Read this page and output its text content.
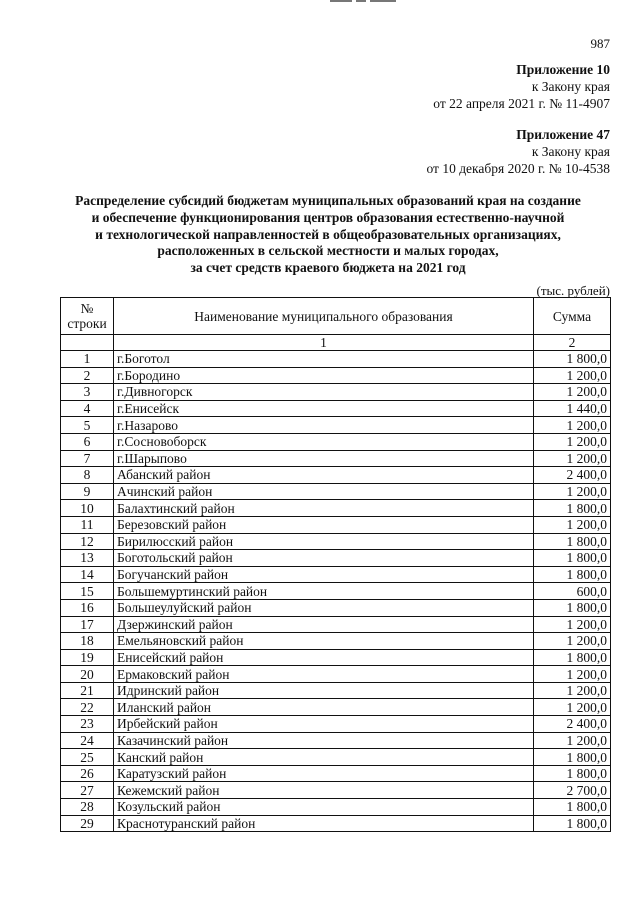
987
Приложение 10
к Закону края
от 22 апреля 2021 г. № 11-4907
Приложение 47
к Закону края
от 10 декабря 2020 г. № 10-4538
Распределение субсидий бюджетам муниципальных образований края на создание
и обеспечение функционирования центров образования естественно-научной
и технологической направленностей в общеобразовательных организациях,
расположенных в сельской местности и малых городах,
за счет средств краевого бюджета на 2021 год
(тыс. рублей)
№ строки	Наименование муниципального образования	Сумма
	1	2
1	г.Боготол	1 800,0
2	г.Бородино	1 200,0
3	г.Дивногорск	1 200,0
4	г.Енисейск	1 440,0
5	г.Назарово	1 200,0
6	г.Сосновоборск	1 200,0
7	г.Шарыпово	1 200,0
8	Абанский район	2 400,0
9	Ачинский район	1 200,0
10	Балахтинский район	1 800,0
11	Березовский район	1 200,0
12	Бирилюсский район	1 800,0
13	Боготольский район	1 800,0
14	Богучанский район	1 800,0
15	Большемуртинский район	600,0
16	Большеулуйский район	1 800,0
17	Дзержинский район	1 200,0
18	Емельяновский район	1 200,0
19	Енисейский район	1 800,0
20	Ермаковский район	1 200,0
21	Идринский район	1 200,0
22	Иланский район	1 200,0
23	Ирбейский район	2 400,0
24	Казачинский район	1 200,0
25	Канский район	1 800,0
26	Каратузский район	1 800,0
27	Кежемский район	2 700,0
28	Козульский район	1 800,0
29	Краснотуранский район	1 800,0
